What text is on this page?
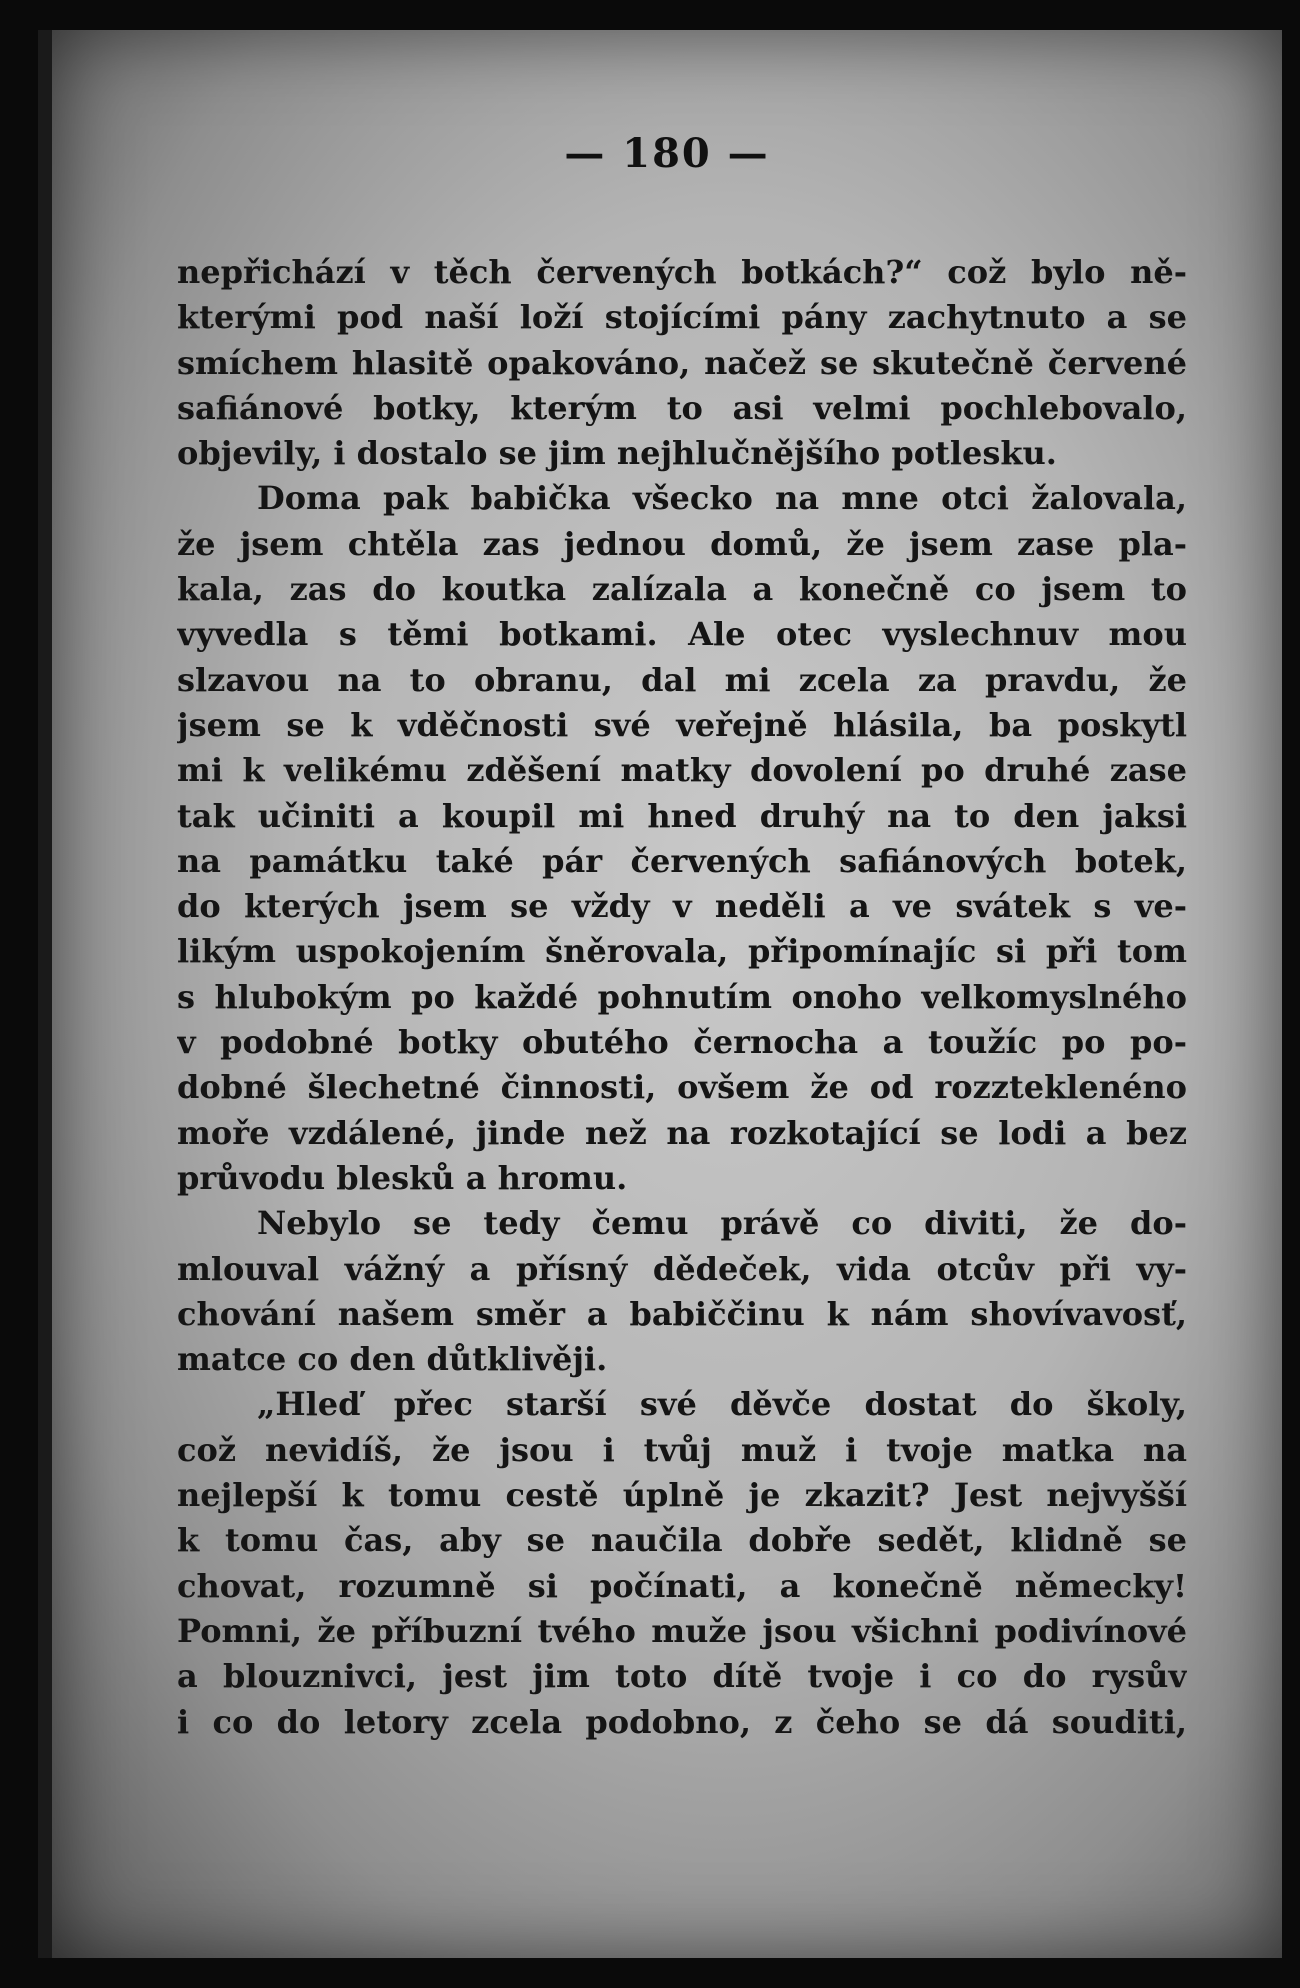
— 180 —
nepřichází v těch červených botkách?“ což bylo ně-
kterými pod naší loží stojícími pány zachytnuto a se
smíchem hlasitě opakováno, načež se skutečně červené
safiánové botky, kterým to asi velmi pochlebovalo,
objevily, i dostalo se jim nejhlučnějšího potlesku.
Doma pak babička všecko na mne otci žalovala,
že jsem chtěla zas jednou domů, že jsem zase pla-
kala, zas do koutka zalízala a konečně co jsem to
vyvedla s těmi botkami. Ale otec vyslechnuv mou
slzavou na to obranu, dal mi zcela za pravdu, že
jsem se k vděčnosti své veřejně hlásila, ba poskytl
mi k velikému zděšení matky dovolení po druhé zase
tak učiniti a koupil mi hned druhý na to den jaksi
na památku také pár červených safiánových botek,
do kterých jsem se vždy v neděli a ve svátek s ve-
likým uspokojením šněrovala, připomínajíc si při tom
s hlubokým po každé pohnutím onoho velkomyslného
v podobné botky obutého černocha a toužíc po po-
dobné šlechetné činnosti, ovšem že od rozzteklenéno
moře vzdálené, jinde než na rozkotající se lodi a bez
průvodu blesků a hromu.
Nebylo se tedy čemu právě co diviti, že do-
mlouval vážný a přísný dědeček, vida otcův při vy-
chování našem směr a babiččinu k nám shovívavosť,
matce co den důtklivěji.
„Hleď přec starší své děvče dostat do školy,
což nevidíš, že jsou i tvůj muž i tvoje matka na
nejlepší k tomu cestě úplně je zkazit? Jest nejvyšší
k tomu čas, aby se naučila dobře sedět, klidně se
chovat, rozumně si počínati, a konečně německy!
Pomni, že příbuzní tvého muže jsou všichni podivínové
a blouznivci, jest jim toto dítě tvoje i co do rysův
i co do letory zcela podobno, z čeho se dá souditi,
